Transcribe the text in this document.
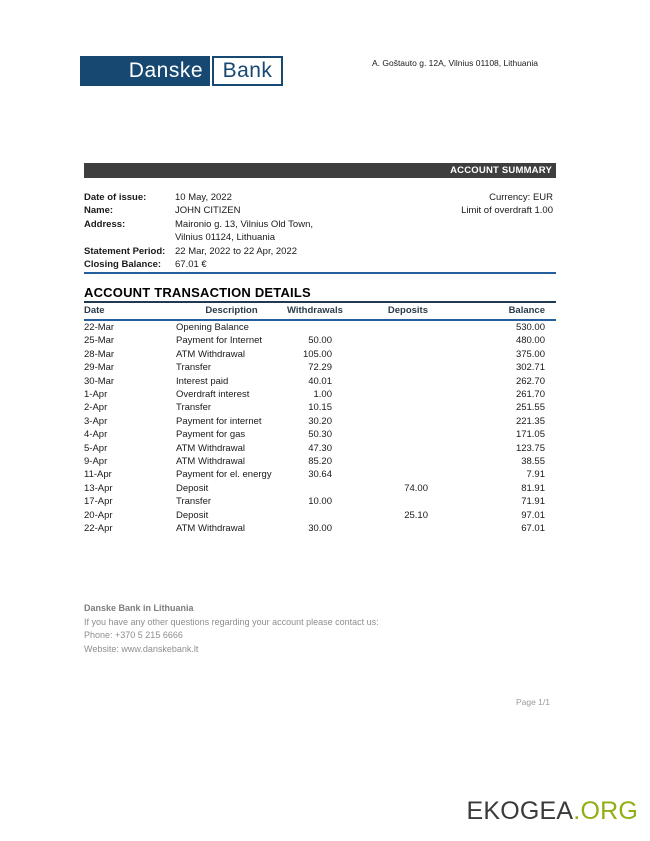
Danske Bank	A. Goštauto g. 12A, Vilnius 01108, Lithuania
ACCOUNT SUMMARY
Date of issue:	10 May, 2022
Name:	JOHN CITIZEN
Address:	Maironio g. 13, Vilnius Old Town,
Vilnius 01124, Lithuania
Statement Period:	22 Mar, 2022 to 22 Apr, 2022
Closing Balance:	67.01 €
Currency: EUR
Limit of overdraft 1.00
ACCOUNT TRANSACTION DETAILS
Date	Description	Withdrawals	Deposits	Balance
22-Mar	Opening Balance			530.00
25-Mar	Payment for Internet	50.00		480.00
28-Mar	ATM Withdrawal	105.00		375.00
29-Mar	Transfer	72.29		302.71
30-Mar	Interest paid	40.01		262.70
1-Apr	Overdraft interest	1.00		261.70
2-Apr	Transfer	10.15		251.55
3-Apr	Payment for internet	30.20		221.35
4-Apr	Payment for gas	50.30		171.05
5-Apr	ATM Withdrawal	47.30		123.75
9-Apr	ATM Withdrawal	85.20		38.55
11-Apr	Payment for el. energy	30.64		7.91
13-Apr	Deposit		74.00	81.91
17-Apr	Transfer	10.00		71.91
20-Apr	Deposit		25.10	97.01
22-Apr	ATM Withdrawal	30.00		67.01
Danske Bank in Lithuania
If you have any other questions regarding your account please contact us:
Phone: +370 5 215 6666
Website: www.danskebank.lt
Page 1/1
EKOGEA.ORG
